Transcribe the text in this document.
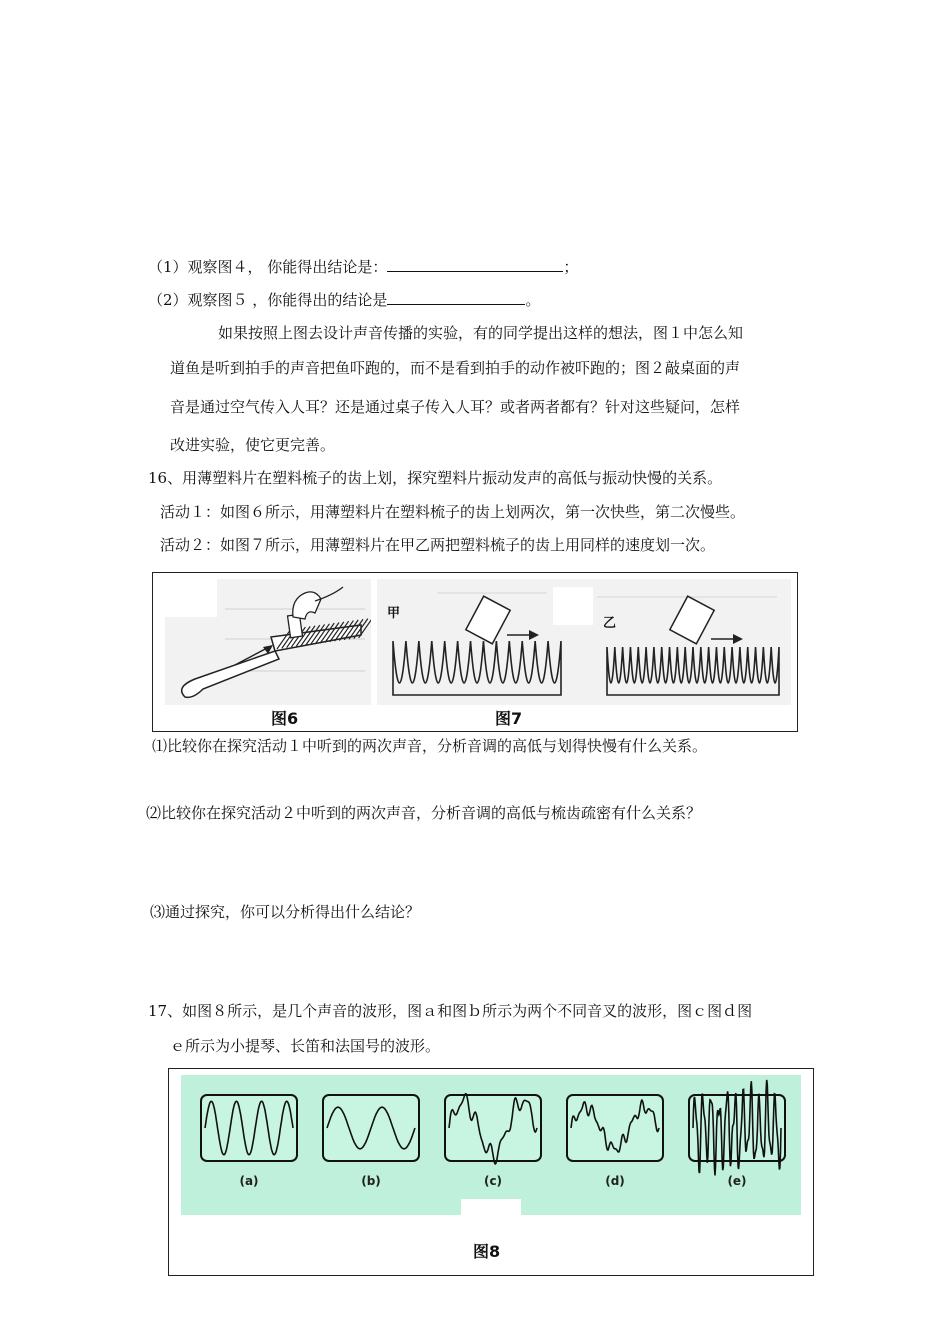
（1）观察图４， 你能得出结论是：	；
（2）观察图５ ，你能得出的结论是	。
如果按照上图去设计声音传播的实验，有的同学提出这样的想法，图１中怎么知
道鱼是听到拍手的声音把鱼吓跑的，而不是看到拍手的动作被吓跑的；图２敲桌面的声
音是通过空气传入人耳？还是通过桌子传入人耳？或者两者都有？针对这些疑问，怎样
改进实验，使它更完善。
16、用薄塑料片在塑料梳子的齿上划，探究塑料片振动发声的高低与振动快慢的关系。
活动１：如图６所示，用薄塑料片在塑料梳子的齿上划两次，第一次快些，第二次慢些。
活动２：如图７所示，用薄塑料片在甲乙两把塑料梳子的齿上用同样的速度划一次。
甲
乙
图6	图7
⑴比较你在探究活动１中听到的两次声音，分析音调的高低与划得快慢有什么关系。
⑵比较你在探究活动２中听到的两次声音，分析音调的高低与梳齿疏密有什么关系？
⑶通过探究，你可以分析得出什么结论？
17、如图８所示，是几个声音的波形，图ａ和图ｂ所示为两个不同音叉的波形，图ｃ图ｄ图
ｅ所示为小提琴、长笛和法国号的波形。
(a)	(b)	(c)	(d)	(e)
图8
